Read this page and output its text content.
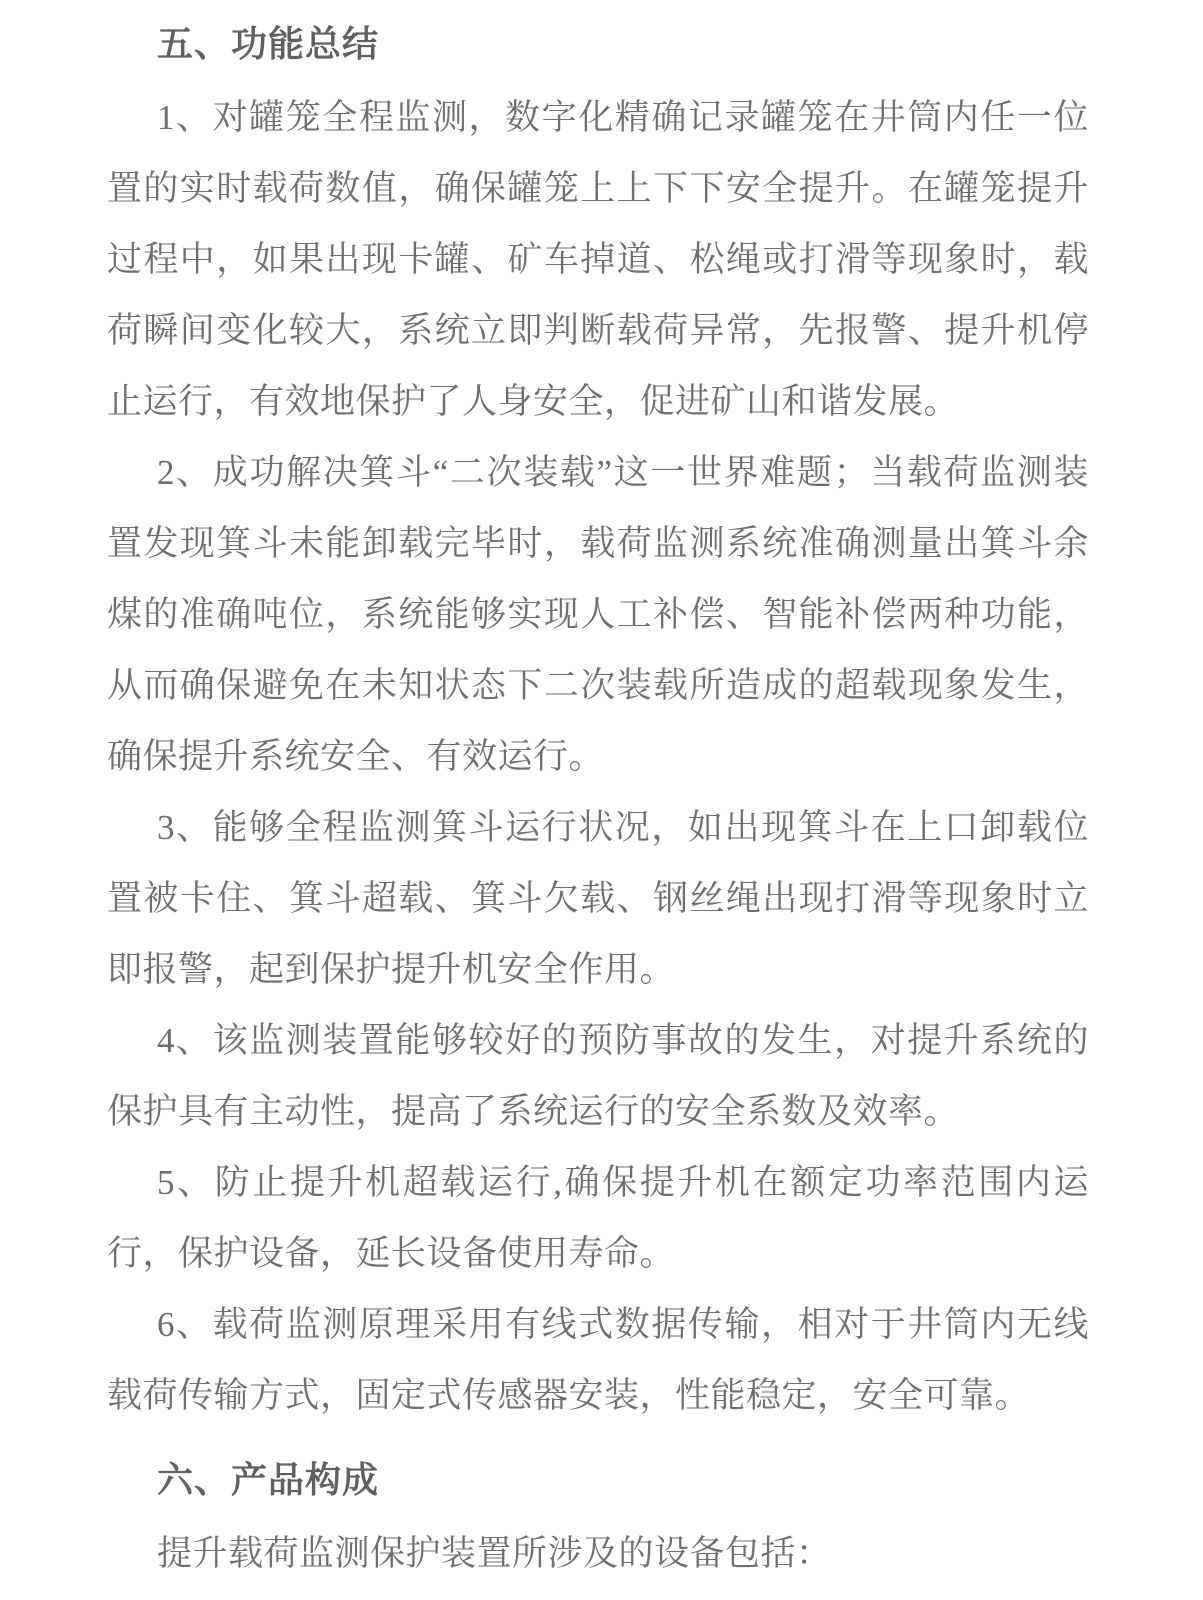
五、功能总结

1、对罐笼全程监测，数字化精确记录罐笼在井筒内任一位置的实时载荷数值，确保罐笼上上下下安全提升。在罐笼提升过程中，如果出现卡罐、矿车掉道、松绳或打滑等现象时，载荷瞬间变化较大，系统立即判断载荷异常，先报警、提升机停止运行，有效地保护了人身安全，促进矿山和谐发展。

2、成功解决箕斗“二次装载”这一世界难题；当载荷监测装置发现箕斗未能卸载完毕时，载荷监测系统准确测量出箕斗余煤的准确吨位，系统能够实现人工补偿、智能补偿两种功能，从而确保避免在未知状态下二次装载所造成的超载现象发生，确保提升系统安全、有效运行。

3、能够全程监测箕斗运行状况，如出现箕斗在上口卸载位置被卡住、箕斗超载、箕斗欠载、钢丝绳出现打滑等现象时立即报警，起到保护提升机安全作用。

4、该监测装置能够较好的预防事故的发生，对提升系统的保护具有主动性，提高了系统运行的安全系数及效率。

5、防止提升机超载运行,确保提升机在额定功率范围内运行，保护设备，延长设备使用寿命。

6、载荷监测原理采用有线式数据传输，相对于井筒内无线载荷传输方式，固定式传感器安装，性能稳定，安全可靠。

六、产品构成

提升载荷监测保护装置所涉及的设备包括：
